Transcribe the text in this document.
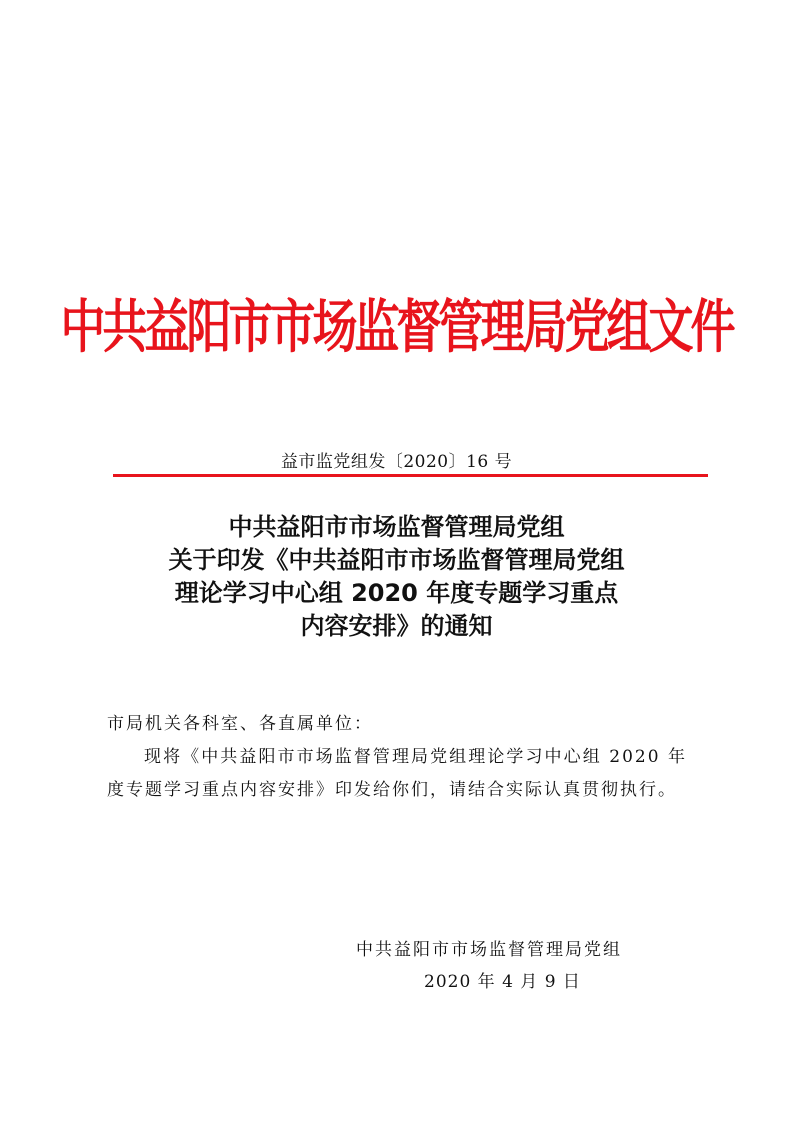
中共益阳市市场监督管理局党组文件
益市监党组发〔2020〕16 号
中共益阳市市场监督管理局党组
关于印发《中共益阳市市场监督管理局党组
理论学习中心组 2020 年度专题学习重点
内容安排》的通知
市局机关各科室、各直属单位：
现将《中共益阳市市场监督管理局党组理论学习中心组 2020 年度专题学习重点内容安排》印发给你们，请结合实际认真贯彻执行。
中共益阳市市场监督管理局党组
2020 年 4 月 9 日
